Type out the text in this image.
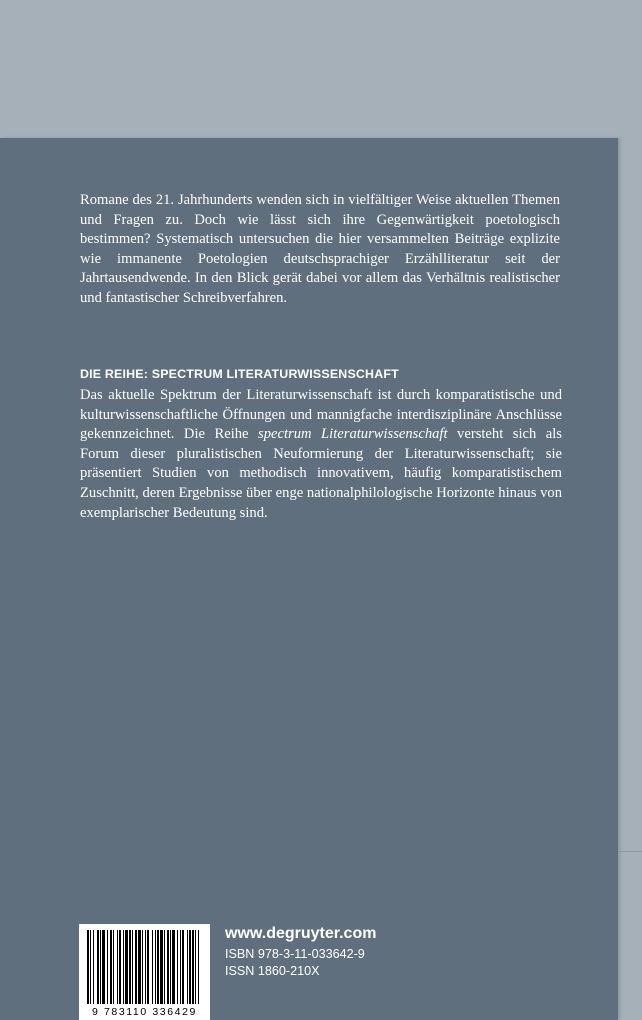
Romane des 21. Jahrhunderts wenden sich in vielfältiger Weise aktuellen Themen und Fragen zu. Doch wie lässt sich ihre Gegenwärtigkeit poetologisch bestimmen? Systematisch untersuchen die hier versammelten Beiträge explizite wie immanente Poetologien deutschsprachiger Erzählliteratur seit der Jahrtausendwende. In den Blick gerät dabei vor allem das Verhältnis realistischer und fantastischer Schreibverfahren.

DIE REIHE: SPECTRUM LITERATURWISSENSCHAFT

Das aktuelle Spektrum der Literaturwissenschaft ist durch komparatistische und kulturwissenschaftliche Öffnungen und mannigfache interdisziplinäre Anschlüsse gekennzeichnet. Die Reihe spectrum Literaturwissenschaft versteht sich als Forum dieser pluralistischen Neuformierung der Literaturwissenschaft; sie präsentiert Studien von methodisch innovativem, häufig komparatistischem Zuschnitt, deren Ergebnisse über enge nationalphilologische Horizonte hinaus von exemplarischer Bedeutung sind.

9 783110 336429

www.degruyter.com

ISBN 978-3-11-033642-9

ISSN 1860-210X
